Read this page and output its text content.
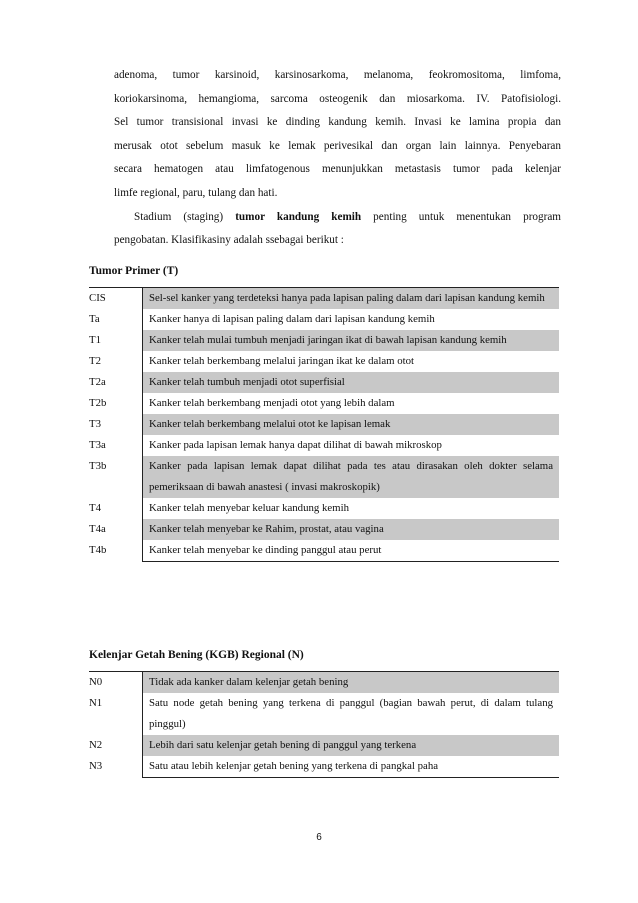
adenoma, tumor karsinoid, karsinosarkoma, melanoma, feokromositoma, limfoma,
koriokarsinoma, hemangioma, sarcoma osteogenik dan miosarkoma. IV. Patofisiologi.
Sel tumor transisional invasi ke dinding kandung kemih. Invasi ke lamina propia dan
merusak otot sebelum masuk ke lemak perivesikal dan organ lain lainnya. Penyebaran
secara hematogen atau limfatogenous menunjukkan metastasis tumor pada kelenjar
limfe regional, paru, tulang dan hati.
Stadium (staging) tumor kandung kemih penting untuk menentukan program
pengobatan. Klasifikasiny adalah ssebagai berikut :
Tumor Primer (T)
CIS	Sel-sel kanker yang terdeteksi hanya pada lapisan paling dalam dari lapisan kandung kemih
Ta	Kanker hanya di lapisan paling dalam dari lapisan kandung kemih
T1	Kanker telah mulai tumbuh menjadi jaringan ikat di bawah lapisan kandung kemih
T2	Kanker telah berkembang melalui jaringan ikat ke dalam otot
T2a	Kanker telah tumbuh menjadi otot superfisial
T2b	Kanker telah berkembang menjadi otot yang lebih dalam
T3	Kanker telah berkembang melalui otot ke lapisan lemak
T3a	Kanker pada lapisan lemak hanya dapat dilihat di bawah mikroskop
T3b	Kanker pada lapisan lemak dapat dilihat pada tes atau dirasakan oleh dokter selama pemeriksaan di bawah anastesi ( invasi makroskopik)
T4	Kanker telah menyebar keluar kandung kemih
T4a	Kanker telah menyebar ke Rahim, prostat, atau vagina
T4b	Kanker telah menyebar ke dinding panggul atau perut
Kelenjar Getah Bening (KGB) Regional (N)
N0	Tidak ada kanker dalam kelenjar getah bening
N1	Satu node getah bening yang terkena di panggul (bagian bawah perut, di dalam tulang pinggul)
N2	Lebih dari satu kelenjar getah bening di panggul yang terkena
N3	Satu atau lebih kelenjar getah bening yang terkena di pangkal paha
6
